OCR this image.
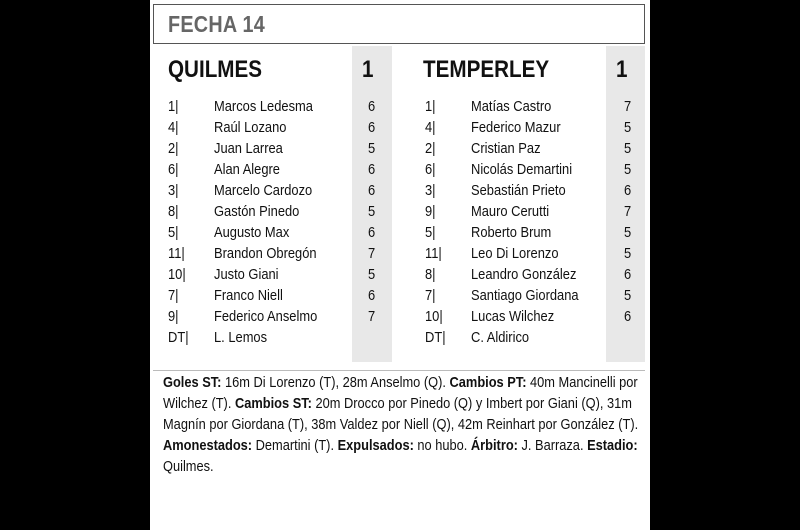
FECHA 14
QUILMES	1 TEMPERLEY	1
1| Marcos Ledesma	6
4| Raúl Lozano	6
2| Juan Larrea	5
6| Alan Alegre	6
3| Marcelo Cardozo	6
8| Gastón Pinedo	5
5| Augusto Max	6
11| Brandon Obregón	7
10| Justo Giani	5
7| Franco Niell	6
9| Federico Anselmo	7
DT| L. Lemos
1| Matías Castro	7
4| Federico Mazur	5
2| Cristian Paz	5
6| Nicolás Demartini	5
3| Sebastián Prieto	6
9| Mauro Cerutti	7
5| Roberto Brum	5
11| Leo Di Lorenzo	5
8| Leandro González	6
7| Santiago Giordana	5
10| Lucas Wilchez	6
DT| C. Aldirico
Goles ST: 16m Di Lorenzo (T), 28m Anselmo (Q). Cambios PT: 40m Mancinelli por Wilchez (T). Cambios ST: 20m Drocco por Pinedo (Q) y Imbert por Giani (Q), 31m Magnín por Giordana (T), 38m Valdez por Niell (Q), 42m Reinhart por González (T). Amonestados: Demartini (T). Expulsados: no hubo. Árbitro: J. Barraza. Estadio: Quilmes.
